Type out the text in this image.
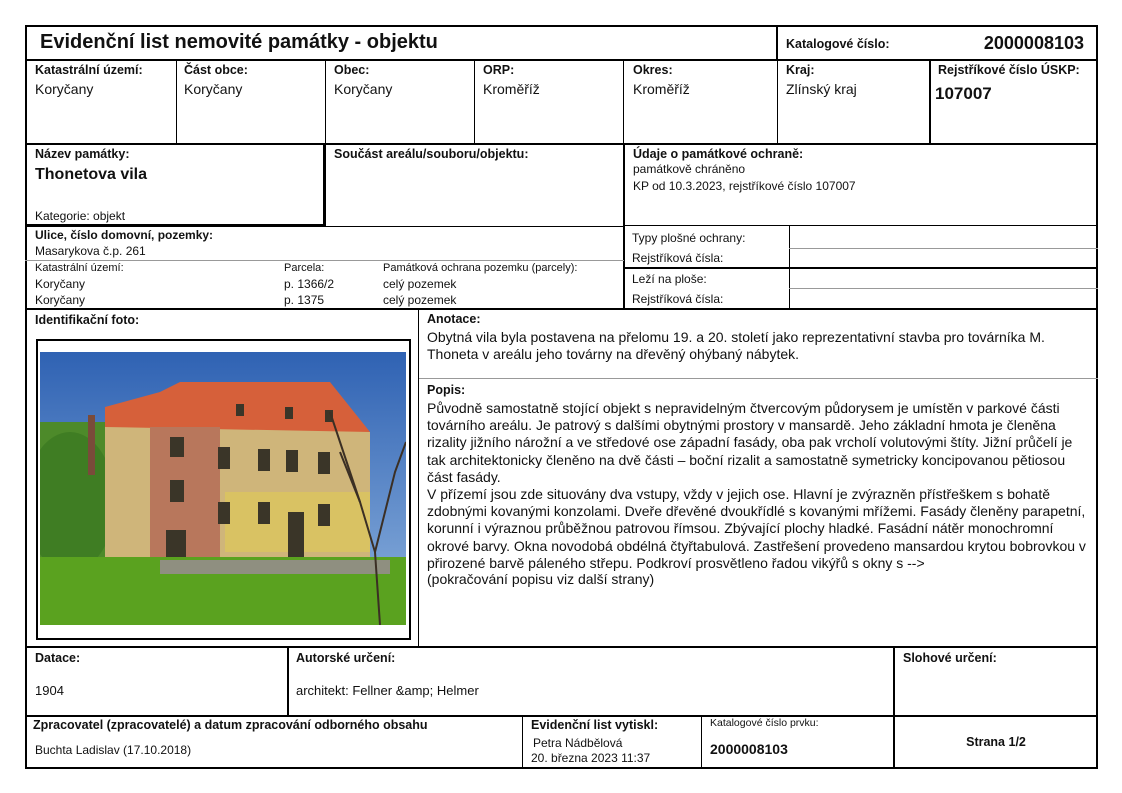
Evidenční list nemovité památky - objektu	Katalogové číslo:	2000008103
Katastrální území:
Koryčany
Část obce:
Koryčany
Obec:
Koryčany
ORP:
Kroměříž
Okres:
Kroměříž
Kraj:
Zlínský kraj
Rejstříkové číslo ÚSKP:
107007
Název památky:
Thonetova vila
Kategorie: objekt
Součást areálu/souboru/objektu:	Údaje o památkové ochraně:
památkově chráněno
KP od 10.3.2023, rejstříkové číslo 107007
Ulice, číslo domovní, pozemky:
Masarykova č.p. 261
Katastrální území:	Parcela:	Památková ochrana pozemku (parcely):
Koryčany	p. 1366/2	celý pozemek
Koryčany	p. 1375	celý pozemek
Typy plošné ochrany:
Rejstříková čísla:
Leží na ploše:
Rejstříková čísla:
Identifikační foto:	Anotace:
Obytná vila byla postavena na přelomu 19. a 20. století jako reprezentativní stavba pro továrníka M. Thoneta v areálu jeho továrny na dřevěný ohýbaný nábytek.
Popis:
Původně samostatně stojící objekt s nepravidelným čtvercovým půdorysem je umístěn v parkové části továrního areálu. Je patrový s dalšími obytnými prostory v mansardě. Jeho základní hmota je členěna rizality jižního nárožní a ve středové ose západní fasády, oba pak vrcholí volutovými štíty. Jižní průčelí je tak architektonicky členěno na dvě části – boční rizalit a samostatně symetricky koncipovanou pětiosou část fasády.
V přízemí jsou zde situovány dva vstupy, vždy v jejich ose. Hlavní je zvýrazněn přístřeškem s bohatě zdobnými kovanými konzolami. Dveře dřevěné dvoukřídlé s kovanými mřížemi. Fasády členěny parapetní, korunní i výraznou průběžnou patrovou římsou. Zbývající plochy hladké. Fasádní nátěr monochromní okrové barvy. Okna novodobá obdélná čtyřtabulová. Zastřešení provedeno mansardou krytou bobrovkou v přirozené barvě páleného střepu. Podkroví prosvětleno řadou vikýřů s okny s -->
(pokračování popisu viz další strany)
Datace:
1904
Autorské určení:
architekt: Fellner &amp; Helmer
Slohové určení:
Zpracovatel (zpracovatelé) a datum zpracování odborného obsahu
Buchta Ladislav (17.10.2018)
Evidenční list vytiskl:
Petra Nádbělová
20. března 2023 11:37
Katalogové číslo prvku:
2000008103	Strana 1/2
